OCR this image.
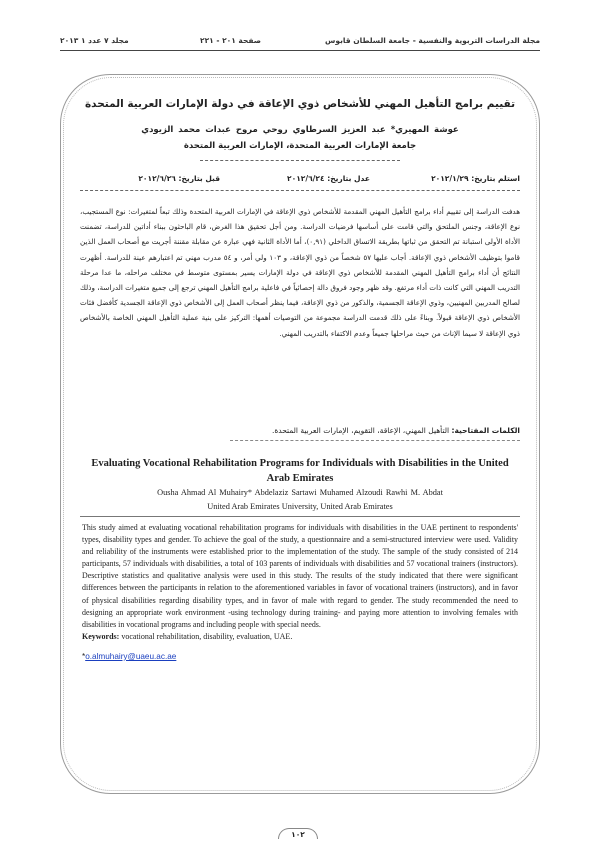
مجلة الدراسات التربوية والنفسية - جامعة السلطان قابوس
صفحة ٢٠١ - ٢٢١
مجلد ٧ عدد ١ ٢٠١٣
تقييم برامج التأهيل المهني للأشخاص ذوي الإعاقة في دولة الإمارات العربية المتحدة
عوشة المهيري* عبد العزيز السرطاوي روحي مروح عبدات محمد الزيودي
جامعة الإمارات العربية المتحدة، الإمارات العربية المتحدة
استلم بتاريخ: ٢٠١٢/١/٢٩
عدل بتاريخ: ٢٠١٢/٦/٢٤
قبل بتاريخ: ٢٠١٢/٦/٢٦
هدفت الدراسة إلى تقييم أداء برامج التأهيل المهني المقدمة للأشخاص ذوي الإعاقة في الإمارات العربية المتحدة وذلك تبعاً لمتغيرات: نوع المستجيب، نوع الإعاقة، وجنس الملتحق والتي قامت على أساسها فرضيات الدراسة. ومن أجل تحقيق هذا الغرض، قام الباحثون ببناء أداتين للدراسة، تضمنت الأداة الأولى استبانة تم التحقق من ثباتها بطريقة الاتساق الداخلي (٠,٩١)، أما الأداة الثانية فهي عبارة عن مقابلة مقننة أجريت مع أصحاب العمل الذين قاموا بتوظيف الأشخاص ذوي الإعاقة. أجاب عليها ٥٧ شخصاً من ذوي الإعاقة، و ١٠٣ ولي أمر، و ٥٤ مدرب مهني تم اعتبارهم عينة للدراسة. أظهرت النتائج أن أداء برامج التأهيل المهني المقدمة للأشخاص ذوي الإعاقة في دولة الإمارات يسير بمستوى متوسط في مختلف مراحله، ما عدا مرحلة التدريب المهني التي كانت ذات أداء مرتفع. وقد ظهر وجود فروق دالة إحصائياً في فاعلية برامج التأهيل المهني ترجع إلى جميع متغيرات الدراسة، وذلك لصالح المدربين المهنيين، وذوي الإعاقة الجسمية، والذكور من ذوي الإعاقة، فيما ينظر أصحاب العمل إلى الأشخاص ذوي الإعاقة الجسدية كأفضل فئات الأشخاص ذوي الإعاقة قبولاً. وبناءً على ذلك قدمت الدراسة مجموعة من التوصيات أهمها: التركيز على بنية عملية التأهيل المهني الخاصة بالأشخاص ذوي الإعاقة لا سيما الإناث من حيث مراحلها جميعاً وعدم الاكتفاء بالتدريب المهني.
الكلمات المفتاحية: التأهيل المهني، الإعاقة، التقويم، الإمارات العربية المتحدة.
Evaluating Vocational Rehabilitation Programs for Individuals with Disabilities in the United Arab Emirates
Ousha Ahmad Al Muhairy* Abdelaziz Sartawi Muhamed Alzoudi Rawhi M. Abdat
United Arab Emirates University, United Arab Emirates
This study aimed at evaluating vocational rehabilitation programs for individuals with disabilities in the UAE pertinent to respondents' types, disability types and gender. To achieve the goal of the study, a questionnaire and a semi-structured interview were used. Validity and reliability of the instruments were established prior to the implementation of the study. The sample of the study consisted of 214 participants, 57 individuals with disabilities, a total of 103 parents of individuals with disabilities and 57 vocational trainers (instructors). Descriptive statistics and qualitative analysis were used in this study. The results of the study indicated that there were significant differences between the participants in relation to the aforementioned variables in favor of vocational trainers (instructors), and in favor of physical disabilities regarding disability types, and in favor of male with regard to gender. The study recommended the need to designing an appropriate work environment -using technology during training- and paying more attention to involving females with disabilities in vocational programs and including people with special needs.
Keywords: vocational rehabilitation, disability, evaluation, UAE.
*o.almuhairy@uaeu.ac.ae
١٠٢
